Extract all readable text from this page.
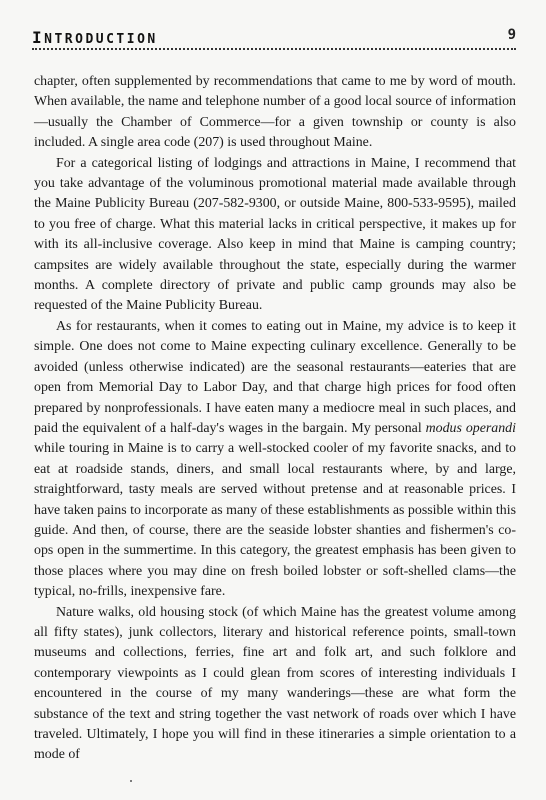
INTRODUCTION	9

chapter, often supplemented by recommendations that came to me by word of mouth. When available, the name and telephone number of a good local source of information—usually the Chamber of Commerce—for a given township or county is also included. A single area code (207) is used throughout Maine.

For a categorical listing of lodgings and attractions in Maine, I recommend that you take advantage of the voluminous promotional material made available through the Maine Publicity Bureau (207-582-9300, or outside Maine, 800-533-9595), mailed to you free of charge. What this material lacks in critical perspective, it makes up for with its all-inclusive coverage. Also keep in mind that Maine is camping country; campsites are widely available throughout the state, especially during the warmer months. A complete directory of private and public camp grounds may also be requested of the Maine Publicity Bureau.

As for restaurants, when it comes to eating out in Maine, my advice is to keep it simple. One does not come to Maine expecting culinary excellence. Generally to be avoided (unless otherwise indicated) are the seasonal restaurants—eateries that are open from Memorial Day to Labor Day, and that charge high prices for food often prepared by nonprofessionals. I have eaten many a mediocre meal in such places, and paid the equivalent of a half-day's wages in the bargain. My personal modus operandi while touring in Maine is to carry a well-stocked cooler of my favorite snacks, and to eat at roadside stands, diners, and small local restaurants where, by and large, straightforward, tasty meals are served without pretense and at reasonable prices. I have taken pains to incorporate as many of these establishments as possible within this guide. And then, of course, there are the seaside lobster shanties and fishermen's co-ops open in the summertime. In this category, the greatest emphasis has been given to those places where you may dine on fresh boiled lobster or soft-shelled clams—the typical, no-frills, inexpensive fare.

Nature walks, old housing stock (of which Maine has the greatest volume among all fifty states), junk collectors, literary and historical reference points, small-town museums and collections, ferries, fine art and folk art, and such folklore and contemporary viewpoints as I could glean from scores of interesting individuals I encountered in the course of my many wanderings—these are what form the substance of the text and string together the vast network of roads over which I have traveled. Ultimately, I hope you will find in these itineraries a simple orientation to a mode of
